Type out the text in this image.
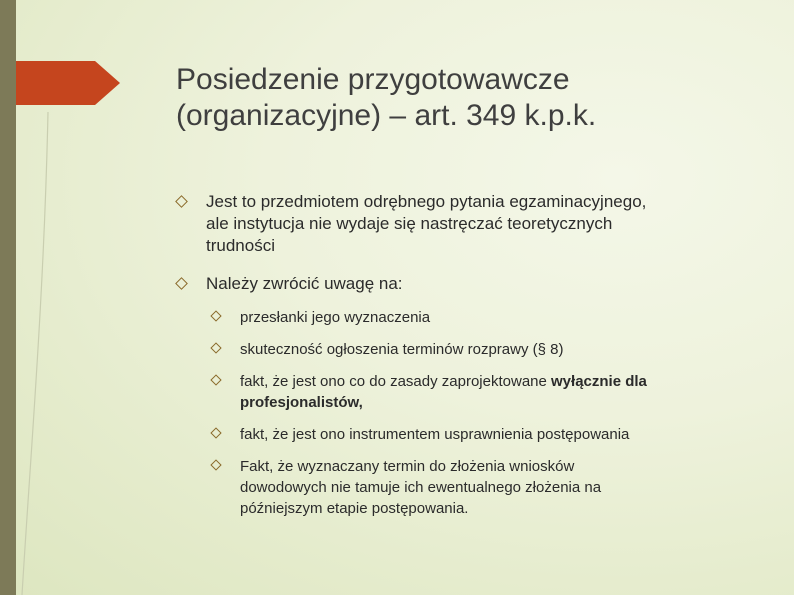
Posiedzenie przygotowawcze
(organizacyjne) – art. 349 k.p.k.
Jest to przedmiotem odrębnego pytania egzaminacyjnego,
ale instytucja nie wydaje się nastręczać teoretycznych
trudności
Należy zwrócić uwagę na:
przesłanki jego wyznaczenia
skuteczność ogłoszenia terminów rozprawy (§ 8)
fakt, że jest ono co do zasady zaprojektowane wyłącznie dla
profesjonalistów,
fakt, że jest ono instrumentem usprawnienia postępowania
Fakt, że wyznaczany termin do złożenia wniosków
dowodowych nie tamuje ich ewentualnego złożenia na
późniejszym etapie postępowania.
